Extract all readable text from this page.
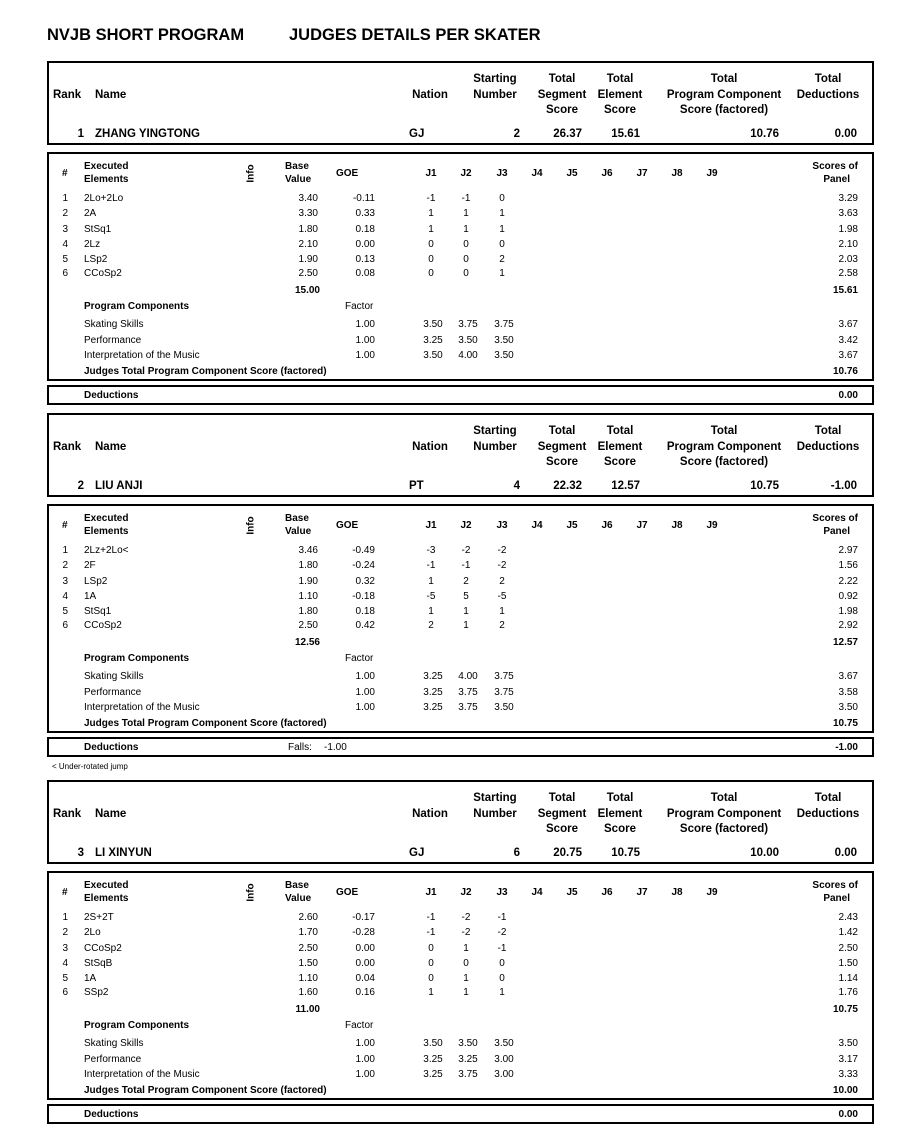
NVJB SHORT PROGRAM	JUDGES DETAILS PER SKATER
Rank Name	Nation
Starting
Number
Total
Segment
Score
Total
Element
Score
Total
Program Component
Score (factored)
Total
Deductions
1 ZHANG YINGTONG	GJ	2	26.37	15.61	10.76	0.00
#
Executed
Elements	Info	Base
Value
GOE	J1	J2	J3	J4	J5	J6	J7	J8	J9
Scores of
Panel
1 2Lo+2Lo	3.40	-0.11	-1	-1	0	3.29
2 2A	3.30	0.33	1	1	1	3.63
3 StSq1	1.80	0.18	1	1	1	1.98
4 2Lz	2.10	0.00	0	0	0	2.10
5 LSp2	1.90	0.13	0	0	2	2.03
6 CCoSp2	2.50	0.08	0	0	1	2.58
15.00	15.61
Program Components	Factor
Skating Skills	1.00	3.50	3.75	3.75	3.67
Performance	1.00	3.25	3.50	3.50	3.42
Interpretation of the Music	1.00	3.50	4.00	3.50	3.67
Judges Total Program Component Score (factored)	10.76
Deductions	0.00
Rank Name	Nation
Starting
Number
Total
Segment
Score
Total
Element
Score
Total
Program Component
Score (factored)
Total
Deductions
2 LIU ANJI	PT	4	22.32	12.57	10.75	-1.00
#
Executed
Elements	Info	Base
Value
GOE	J1	J2	J3	J4	J5	J6	J7	J8	J9
Scores of
Panel
1 2Lz+2Lo<	3.46	-0.49	-3	-2	-2	2.97
2 2F	1.80	-0.24	-1	-1	-2	1.56
3 LSp2	1.90	0.32	1	2	2	2.22
4 1A	1.10	-0.18	-5	5	-5	0.92
5 StSq1	1.80	0.18	1	1	1	1.98
6 CCoSp2	2.50	0.42	2	1	2	2.92
12.56	12.57
Program Components	Factor
Skating Skills	1.00	3.25	4.00	3.75	3.67
Performance	1.00	3.25	3.75	3.75	3.58
Interpretation of the Music	1.00	3.25	3.75	3.50	3.50
Judges Total Program Component Score (factored)	10.75
Deductions	Falls: -1.00	-1.00
< Under-rotated jump
Rank Name	Nation
Starting
Number
Total
Segment
Score
Total
Element
Score
Total
Program Component
Score (factored)
Total
Deductions
3 LI XINYUN	GJ	6	20.75	10.75	10.00	0.00
#
Executed
Elements	Info	Base
Value
GOE	J1	J2	J3	J4	J5	J6	J7	J8	J9
Scores of
Panel
1 2S+2T	2.60	-0.17	-1	-2	-1	2.43
2 2Lo	1.70	-0.28	-1	-2	-2	1.42
3 CCoSp2	2.50	0.00	0	1	-1	2.50
4 StSqB	1.50	0.00	0	0	0	1.50
5 1A	1.10	0.04	0	1	0	1.14
6 SSp2	1.60	0.16	1	1	1	1.76
11.00	10.75
Program Components	Factor
Skating Skills	1.00	3.50	3.50	3.50	3.50
Performance	1.00	3.25	3.25	3.00	3.17
Interpretation of the Music	1.00	3.25	3.75	3.00	3.33
Judges Total Program Component Score (factored)	10.00
Deductions	0.00
